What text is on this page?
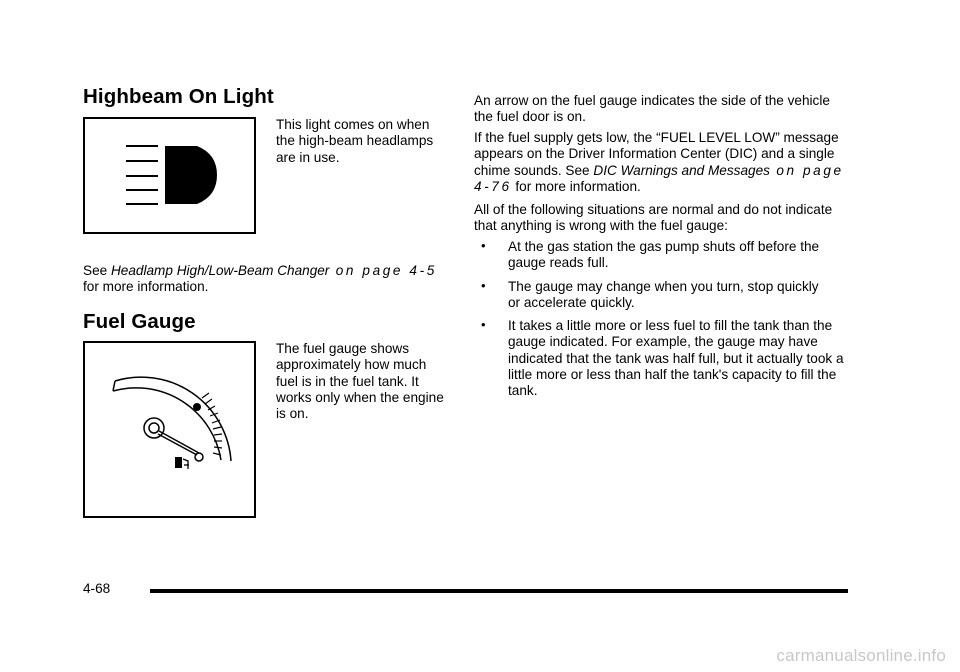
Highbeam On Light

This light comes on when the high-beam headlamps are in use.

See Headlamp High/Low-Beam Changer on page 4-5
for more information.

Fuel Gauge

The fuel gauge shows approximately how much fuel is in the fuel tank. It works only when the engine is on.

An arrow on the fuel gauge indicates the side of the vehicle the fuel door is on.

If the fuel supply gets low, the “FUEL LEVEL LOW” message appears on the Driver Information Center (DIC) and a single chime sounds. See DIC Warnings and Messages on page 4-76 for more information.

All of the following situations are normal and do not indicate that anything is wrong with the fuel gauge:

• At the gas station the gas pump shuts off before the gauge reads full.

• The gauge may change when you turn, stop quickly or accelerate quickly.

• It takes a little more or less fuel to fill the tank than the gauge indicated. For example, the gauge may have indicated that the tank was half full, but it actually took a little more or less than half the tank's capacity to fill the tank.

4-68
carmanualsonline.info
